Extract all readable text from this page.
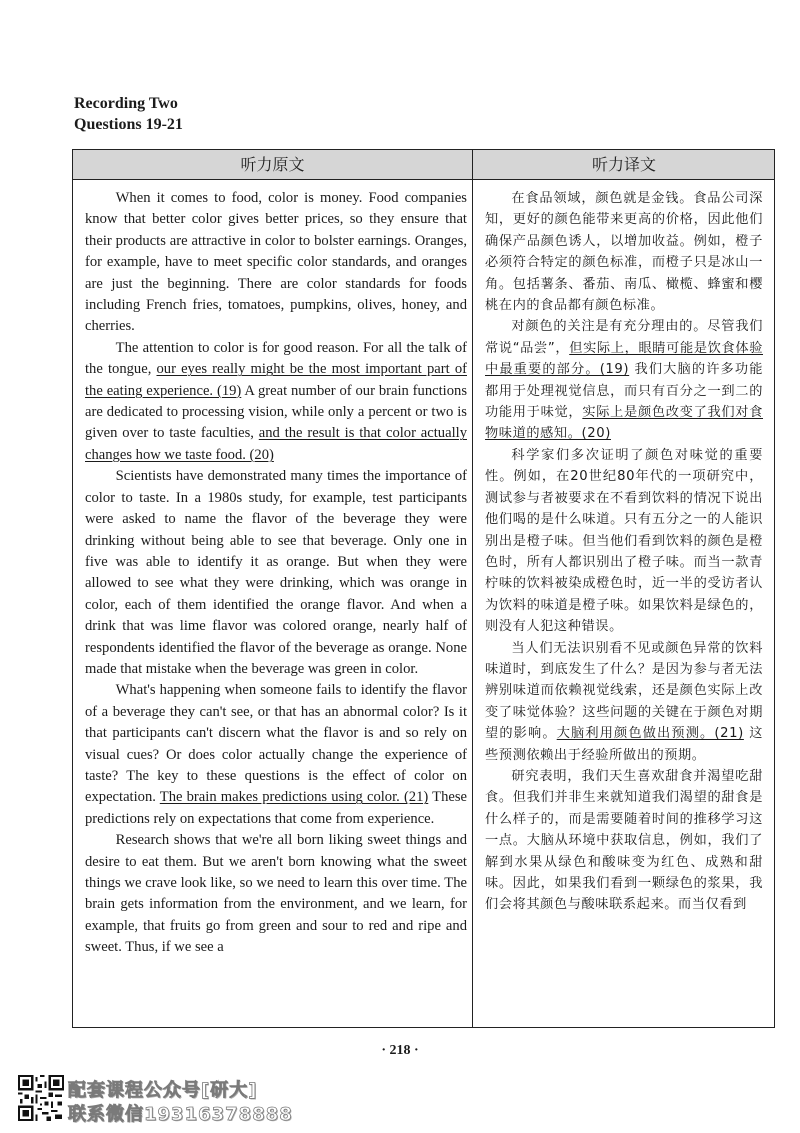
Recording Two
Questions 19-21
听力原文	听力译文

When it comes to food, color is money. Food companies know that better color gives better prices, so they ensure that their products are attractive in color to bolster earnings. Oranges, for example, have to meet specific color standards, and oranges are just the beginning. There are color standards for foods including French fries, tomatoes, pumpkins, olives, honey, and cherries.

The attention to color is for good reason. For all the talk of the tongue, our eyes really might be the most important part of the eating experience. (19) A great number of our brain functions are dedicated to processing vision, while only a percent or two is given over to taste faculties, and the result is that color actually changes how we taste food. (20)

Scientists have demonstrated many times the importance of color to taste. In a 1980s study, for example, test participants were asked to name the flavor of the beverage they were drinking without being able to see that beverage. Only one in five was able to identify it as orange. But when they were allowed to see what they were drinking, which was orange in color, each of them identified the orange flavor. And when a drink that was lime flavor was colored orange, nearly half of respondents identified the flavor of the beverage as orange. None made that mistake when the beverage was green in color.

What's happening when someone fails to identify the flavor of a beverage they can't see, or that has an abnormal color? Is it that participants can't discern what the flavor is and so rely on visual cues? Or does color actually change the experience of taste? The key to these questions is the effect of color on expectation. The brain makes predictions using color. (21) These predictions rely on expectations that come from experience.

Research shows that we're all born liking sweet things and desire to eat them. But we aren't born knowing what the sweet things we crave look like, so we need to learn this over time. The brain gets information from the environment, and we learn, for example, that fruits go from green and sour to red and ripe and sweet. Thus, if we see a

在食品领域，颜色就是金钱。食品公司深知，更好的颜色能带来更高的价格，因此他们确保产品颜色诱人，以增加收益。例如，橙子必须符合特定的颜色标准，而橙子只是冰山一角。包括薯条、番茄、南瓜、橄榄、蜂蜜和樱桃在内的食品都有颜色标准。

对颜色的关注是有充分理由的。尽管我们常说“品尝”，但实际上，眼睛可能是饮食体验中最重要的部分。(19) 我们大脑的许多功能都用于处理视觉信息，而只有百分之一到二的功能用于味觉，实际上是颜色改变了我们对食物味道的感知。(20)

科学家们多次证明了颜色对味觉的重要性。例如，在20世纪80年代的一项研究中，测试参与者被要求在不看到饮料的情况下说出他们喝的是什么味道。只有五分之一的人能识别出是橙子味。但当他们看到饮料的颜色是橙色时，所有人都识别出了橙子味。而当一款青柠味的饮料被染成橙色时，近一半的受访者认为饮料的味道是橙子味。如果饮料是绿色的，则没有人犯这种错误。

当人们无法识别看不见或颜色异常的饮料味道时，到底发生了什么？是因为参与者无法辨别味道而依赖视觉线索，还是颜色实际上改变了味觉体验？这些问题的关键在于颜色对期望的影响。大脑利用颜色做出预测。(21) 这些预测依赖出于经验所做出的预期。

研究表明，我们天生喜欢甜食并渴望吃甜食。但我们并非生来就知道我们渴望的甜食是什么样子的，而是需要随着时间的推移学习这一点。大脑从环境中获取信息，例如，我们了解到水果从绿色和酸味变为红色、成熟和甜味。因此，如果我们看到一颗绿色的浆果，我们会将其颜色与酸味联系起来。而当仅看到

· 218 ·
配套课程公众号[研大]
联系微信19316378888
